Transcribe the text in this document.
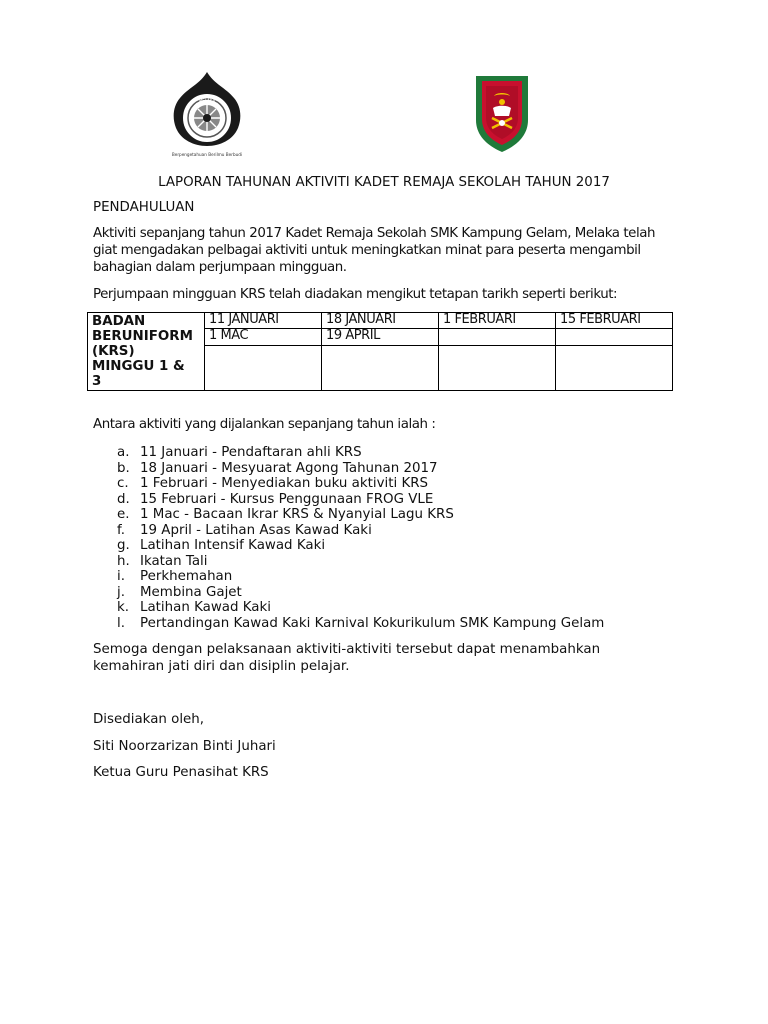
MELAKA
Berpengetahuan Berilmu Berbudi
LAPORAN TAHUNAN AKTIVITI KADET REMAJA SEKOLAH TAHUN 2017
PENDAHULUAN
Aktiviti sepanjang tahun 2017 Kadet Remaja Sekolah SMK Kampung Gelam, Melaka telah
giat mengadakan pelbagai aktiviti untuk meningkatkan minat para peserta mengambil
bahagian dalam perjumpaan mingguan.
Perjumpaan mingguan KRS telah diadakan mengikut tetapan tarikh seperti berikut:
BADAN
BERUNIFORM
(KRS)
MINGGU 1 &
3	11 JANUARI	18 JANUARI	1 FEBRUARI	15 FEBRUARI
	1 MAC	19 APRIL		

Antara aktiviti yang dijalankan sepanjang tahun ialah :
a. 11 Januari - Pendaftaran ahli KRS
b. 18 Januari - Mesyuarat Agong Tahunan 2017
c. 1 Februari - Menyediakan buku aktiviti KRS
d. 15 Februari - Kursus Penggunaan FROG VLE
e. 1 Mac - Bacaan Ikrar KRS & Nyanyial Lagu KRS
f. 19 April - Latihan Asas Kawad Kaki
g. Latihan Intensif Kawad Kaki
h. Ikatan Tali
i. Perkhemahan
j. Membina Gajet
k. Latihan Kawad Kaki
l. Pertandingan Kawad Kaki Karnival Kokurikulum SMK Kampung Gelam
Semoga dengan pelaksanaan aktiviti-aktiviti tersebut dapat menambahkan
kemahiran jati diri dan disiplin pelajar.
Disediakan oleh,
Siti Noorzarizan Binti Juhari
Ketua Guru Penasihat KRS
